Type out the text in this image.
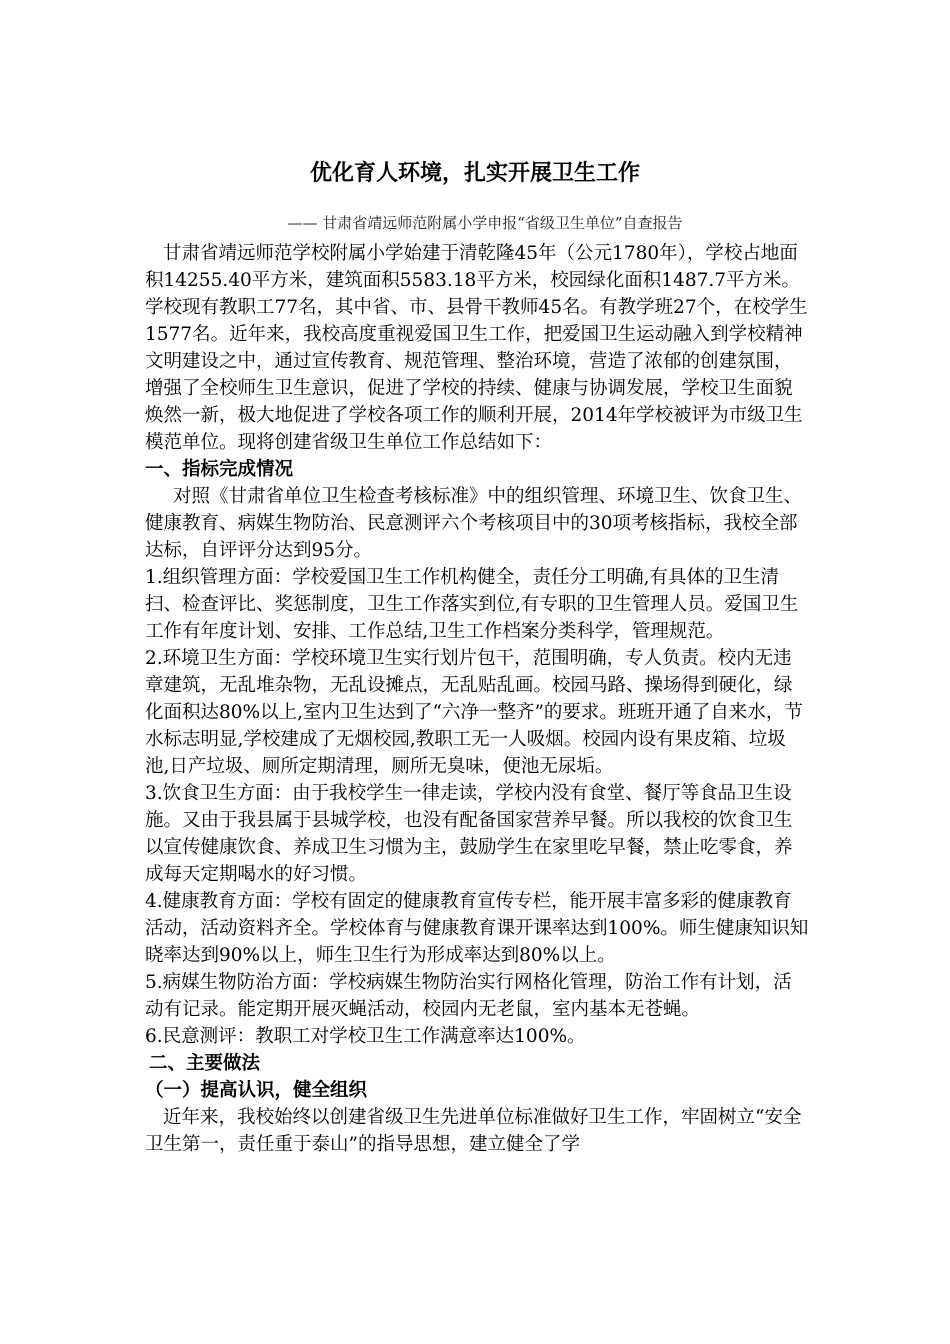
优化育人环境，扎实开展卫生工作
—— 甘肃省靖远师范附属小学申报“省级卫生单位”自查报告

甘肃省靖远师范学校附属小学始建于清乾隆45年（公元1780年），学校占地面积14255.40平方米，建筑面积5583.18平方米，校园绿化面积1487.7平方米。学校现有教职工77名，其中省、市、县骨干教师45名。有教学班27个，在校学生1577名。近年来，我校高度重视爱国卫生工作，把爱国卫生运动融入到学校精神文明建设之中，通过宣传教育、规范管理、整治环境，营造了浓郁的创建氛围，增强了全校师生卫生意识，促进了学校的持续、健康与协调发展，学校卫生面貌焕然一新，极大地促进了学校各项工作的顺利开展，2014年学校被评为市级卫生模范单位。现将创建省级卫生单位工作总结如下：

一、指标完成情况

对照《甘肃省单位卫生检查考核标准》中的组织管理、环境卫生、饮食卫生、健康教育、病媒生物防治、民意测评六个考核项目中的30项考核指标，我校全部达标，自评评分达到95分。

1.组织管理方面：学校爱国卫生工作机构健全，责任分工明确,有具体的卫生清扫、检查评比、奖惩制度，卫生工作落实到位,有专职的卫生管理人员。爱国卫生工作有年度计划、安排、工作总结,卫生工作档案分类科学，管理规范。

2.环境卫生方面：学校环境卫生实行划片包干，范围明确，专人负责。校内无违章建筑，无乱堆杂物，无乱设摊点，无乱贴乱画。校园马路、操场得到硬化，绿化面积达80%以上,室内卫生达到了“六净一整齐”的要求。班班开通了自来水，节水标志明显,学校建成了无烟校园,教职工无一人吸烟。校园内设有果皮箱、垃圾池,日产垃圾、厕所定期清理，厕所无臭味，便池无尿垢。

3.饮食卫生方面：由于我校学生一律走读，学校内没有食堂、餐厅等食品卫生设施。又由于我县属于县城学校，也没有配备国家营养早餐。所以我校的饮食卫生以宣传健康饮食、养成卫生习惯为主，鼓励学生在家里吃早餐，禁止吃零食，养成每天定期喝水的好习惯。

4.健康教育方面：学校有固定的健康教育宣传专栏，能开展丰富多彩的健康教育活动，活动资料齐全。学校体育与健康教育课开课率达到100%。师生健康知识知晓率达到90%以上，师生卫生行为形成率达到80%以上。

5.病媒生物防治方面：学校病媒生物防治实行网格化管理，防治工作有计划，活动有记录。能定期开展灭蝇活动，校园内无老鼠，室内基本无苍蝇。

6.民意测评：教职工对学校卫生工作满意率达100%。

二、主要做法

（一）提高认识，健全组织

近年来，我校始终以创建省级卫生先进单位标准做好卫生工作，牢固树立“安全卫生第一，责任重于泰山”的指导思想，建立健全了学
